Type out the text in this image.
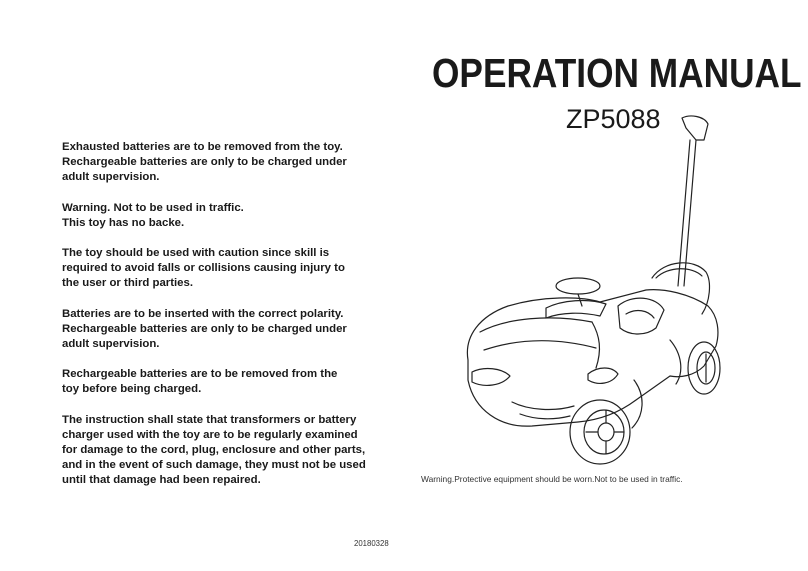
OPERATION MANUAL
ZP5088
Exhausted batteries are to be removed from the toy.
Rechargeable batteries are only to be charged under
adult supervision.
Warning. Not to be used in traffic.
This toy has no backe.
The toy should be used with caution since skill is
required to avoid falls or collisions causing injury to
the user or third parties.
Batteries are to be inserted with the correct polarity.
Rechargeable batteries are only to be charged under
adult supervision.
Rechargeable batteries are to be removed from the
toy before being charged.
The instruction shall state that transformers or battery
charger used with the toy are to be regularly examined
for damage to the cord, plug, enclosure and other parts,
and in the event of such damage, they must not be used
until that damage had been repaired.	Warning.Protective equipment should be worn.Not to be used in traffic.
20180328
